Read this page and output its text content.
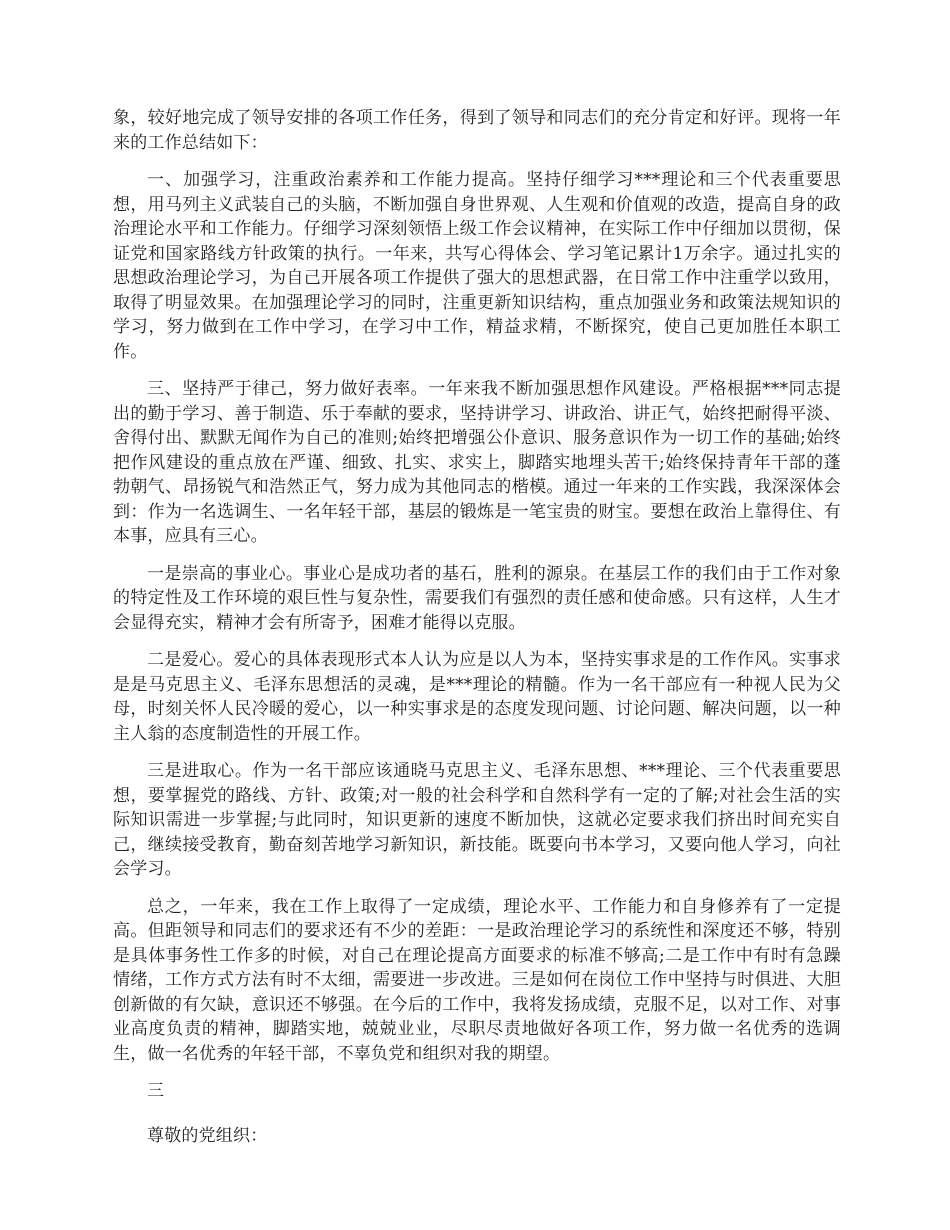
象，较好地完成了领导安排的各项工作任务，得到了领导和同志们的充分肯定和好评。现将一年来的工作总结如下：

一、加强学习，注重政治素养和工作能力提高。坚持仔细学习***理论和三个代表重要思想，用马列主义武装自己的头脑，不断加强自身世界观、人生观和价值观的改造，提高自身的政治理论水平和工作能力。仔细学习深刻领悟上级工作会议精神，在实际工作中仔细加以贯彻，保证党和国家路线方针政策的执行。一年来，共写心得体会、学习笔记累计1万余字。通过扎实的思想政治理论学习，为自己开展各项工作提供了强大的思想武器，在日常工作中注重学以致用，取得了明显效果。在加强理论学习的同时，注重更新知识结构，重点加强业务和政策法规知识的学习，努力做到在工作中学习，在学习中工作，精益求精，不断探究，使自己更加胜任本职工作。

三、坚持严于律己，努力做好表率。一年来我不断加强思想作风建设。严格根据***同志提出的勤于学习、善于制造、乐于奉献的要求，坚持讲学习、讲政治、讲正气，始终把耐得平淡、舍得付出、默默无闻作为自己的准则;始终把增强公仆意识、服务意识作为一切工作的基础;始终把作风建设的重点放在严谨、细致、扎实、求实上，脚踏实地埋头苦干;始终保持青年干部的蓬勃朝气、昂扬锐气和浩然正气，努力成为其他同志的楷模。通过一年来的工作实践，我深深体会到：作为一名选调生、一名年轻干部，基层的锻炼是一笔宝贵的财宝。要想在政治上靠得住、有本事，应具有三心。

一是崇高的事业心。事业心是成功者的基石，胜利的源泉。在基层工作的我们由于工作对象的特定性及工作环境的艰巨性与复杂性，需要我们有强烈的责任感和使命感。只有这样，人生才会显得充实，精神才会有所寄予，困难才能得以克服。

二是爱心。爱心的具体表现形式本人认为应是以人为本，坚持实事求是的工作作风。实事求是是马克思主义、毛泽东思想活的灵魂，是***理论的精髓。作为一名干部应有一种视人民为父母，时刻关怀人民冷暖的爱心，以一种实事求是的态度发现问题、讨论问题、解决问题，以一种主人翁的态度制造性的开展工作。

三是进取心。作为一名干部应该通晓马克思主义、毛泽东思想、***理论、三个代表重要思想，要掌握党的路线、方针、政策;对一般的社会科学和自然科学有一定的了解;对社会生活的实际知识需进一步掌握;与此同时，知识更新的速度不断加快，这就必定要求我们挤出时间充实自己，继续接受教育，勤奋刻苦地学习新知识，新技能。既要向书本学习，又要向他人学习，向社会学习。

总之，一年来，我在工作上取得了一定成绩，理论水平、工作能力和自身修养有了一定提高。但距领导和同志们的要求还有不少的差距：一是政治理论学习的系统性和深度还不够，特别是具体事务性工作多的时候，对自己在理论提高方面要求的标准不够高;二是工作中有时有急躁情绪，工作方式方法有时不太细，需要进一步改进。三是如何在岗位工作中坚持与时俱进、大胆创新做的有欠缺，意识还不够强。在今后的工作中，我将发扬成绩，克服不足，以对工作、对事业高度负责的精神，脚踏实地，兢兢业业，尽职尽责地做好各项工作，努力做一名优秀的选调生，做一名优秀的年轻干部，不辜负党和组织对我的期望。

三

尊敬的党组织：
